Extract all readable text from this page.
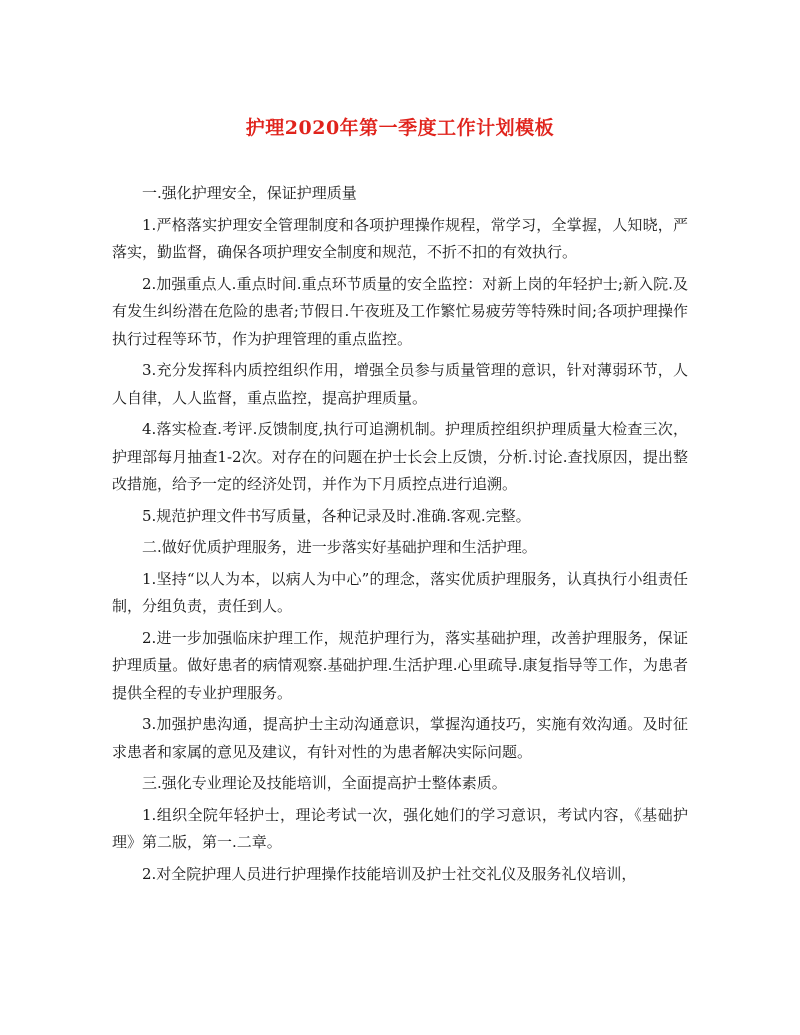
护理2020年第一季度工作计划模板

一.强化护理安全，保证护理质量

1.严格落实护理安全管理制度和各项护理操作规程，常学习，全掌握，人知晓，严落实，勤监督，确保各项护理安全制度和规范，不折不扣的有效执行。

2.加强重点人.重点时间.重点环节质量的安全监控：对新上岗的年轻护士;新入院.及有发生纠纷潜在危险的患者;节假日.午夜班及工作繁忙易疲劳等特殊时间;各项护理操作执行过程等环节，作为护理管理的重点监控。

3.充分发挥科内质控组织作用，增强全员参与质量管理的意识，针对薄弱环节，人人自律，人人监督，重点监控，提高护理质量。

4.落实检查.考评.反馈制度,执行可追溯机制。护理质控组织护理质量大检查三次，护理部每月抽查1-2次。对存在的问题在护士长会上反馈，分析.讨论.查找原因，提出整改措施，给予一定的经济处罚，并作为下月质控点进行追溯。

5.规范护理文件书写质量，各种记录及时.准确.客观.完整。

二.做好优质护理服务，进一步落实好基础护理和生活护理。

1.坚持“以人为本，以病人为中心”的理念，落实优质护理服务，认真执行小组责任制，分组负责，责任到人。

2.进一步加强临床护理工作，规范护理行为，落实基础护理，改善护理服务，保证护理质量。做好患者的病情观察.基础护理.生活护理.心里疏导.康复指导等工作，为患者提供全程的专业护理服务。

3.加强护患沟通，提高护士主动沟通意识，掌握沟通技巧，实施有效沟通。及时征求患者和家属的意见及建议，有针对性的为患者解决实际问题。

三.强化专业理论及技能培训，全面提高护士整体素质。

1.组织全院年轻护士，理论考试一次，强化她们的学习意识，考试内容，《基础护理》第二版，第一.二章。

2.对全院护理人员进行护理操作技能培训及护士社交礼仪及服务礼仪培训，
